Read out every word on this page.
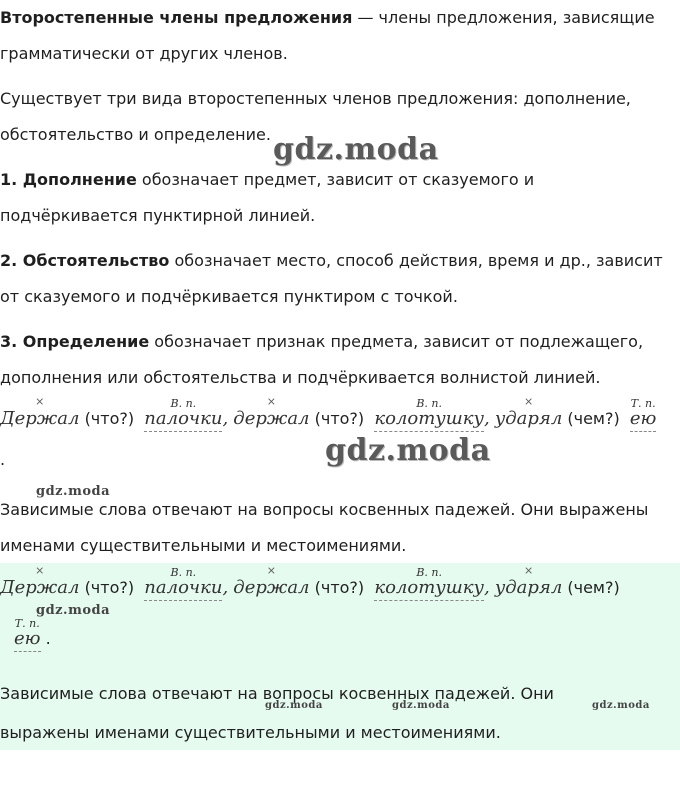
Второстепенные члены предложения — члены предложения, зависящие грамматически от других членов.

Существует три вида второстепенных членов предложения: дополнение, обстоятельство и определение.

1. Дополнение обозначает предмет, зависит от сказуемого и подчёркивается пунктирной линией.

2. Обстоятельство обозначает место, способ действия, время и др., зависит от сказуемого и подчёркивается пунктиром с точкой.

3. Определение обозначает признак предмета, зависит от подлежащего, дополнения или обстоятельства и подчёркивается волнистой линией.

×
Держал (что?)
В. п.
палочки,
×
держал (что?)
В. п.
колотушку,
×
ударял (чем?)
Т. п.
ею
.

Зависимые слова отвечают на вопросы косвенных падежей. Они выражены именами существительными и местоимениями.

×
Держал (что?)
В. п.
палочки,
×
держал (что?)
В. п.
колотушку,
×
ударял (чем?)
Т. п.
ею .

Зависимые слова отвечают на вопросы косвенных падежей. Они

выражены именами существительными и местоимениями.

gdz.moda
gdz.moda
gdz.moda
gdz.moda
gdz.moda	gdz.moda	gdz.moda
